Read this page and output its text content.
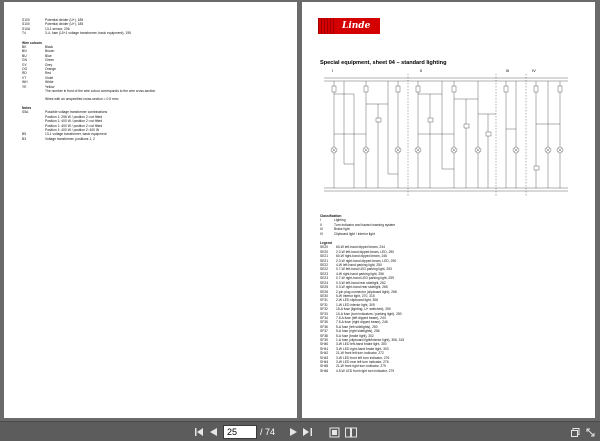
S100	Potential divider (U+), 185
S100	Potential divider (U+), 185
S10A	13-1 sensor, 206
T4	3-4- fuse (10+1 voltage transformer, basic equipment), 195
Wire colours
BK	Black
BN	Brown
BU	Blue
GN	Green
GY	Grey
OG	Orange
RD	Red
VT	Violet
WH	White
YE	Yellow
The number in front of the wire colour corresponds to the wire cross-section
Wires with an unspecified cross-section = 0.5 mm²
Notes
S5A	Possible voltage transformer combinations
Position 1: 256 W / position 2: not fitted
Position 1: 400 W / position 2: not fitted
Position 1: 400 W / position 2: not fitted
Position 1: 400 W / position 2: 400 W
B5	13-1 voltage transformer, basic equipment
B3	Voltage transformer, positions 1, 2
Linde
Special equipment, sheet 04 – standard lighting
I	II	III	IV
Classification
I	Lighting
II	Turn indicator and hazard warning system
III	Brake light
IV	Clipboard light / interior light
Legend
SE20	60-W left-hand dipped beam, 244
SE20	2.0-W left-hand dipped beam, LED, 290
SE21	60-W right-hand dipped beam, 246
SE21	2.0-W right-hand dipped beam, LED, 290
SE22	4-W left-hand parking light, 250
SE22	0.7-W left-hand LED parking light, 253
SE23	4-W right-hand parking light, 256
SE23	0.7-W right-hand LED parking light, 259
SE24	0.3-W left-hand rear sidelight, 262
SE25	0.3-W right-hand rear sidelight, 265
SE26	2-pin plug connector (clipboard light), 268
SE30	5-W interior light, 270, 315
SF31	2-W LED clipboard light, 306
SF31	1-W LED interior light, 309
SF32	15-A fuse (lighting, U+ switched), 250
SF33	10-A fuse (turn indicators / parking light), 250
SF34	7.5-A fuse (left dipped beam), 244
SF35	7.5-A fuse (right dipped beam), 246
SF36	5-A fuse (left sidelights), 250
SF37	5-A fuse (right sidelights), 256
SF38	5-A fuse (brake light), 302
SF39	1-A fuse (clipboard light/interior light), 306, 315
SH40	3-W LED left-hand brake light, 300
SH41	3-W LED right-hand brake light, 303
SH42	21-W front left turn indicator, 272
SH43	3-W LED front left turn indicator, 276
SH44	3-W LED rear left turn indicator, 276
SH45	21-W front right turn indicator, 279
SH46	4.5-W LED front right turn indicator, 279
25	/ 74
